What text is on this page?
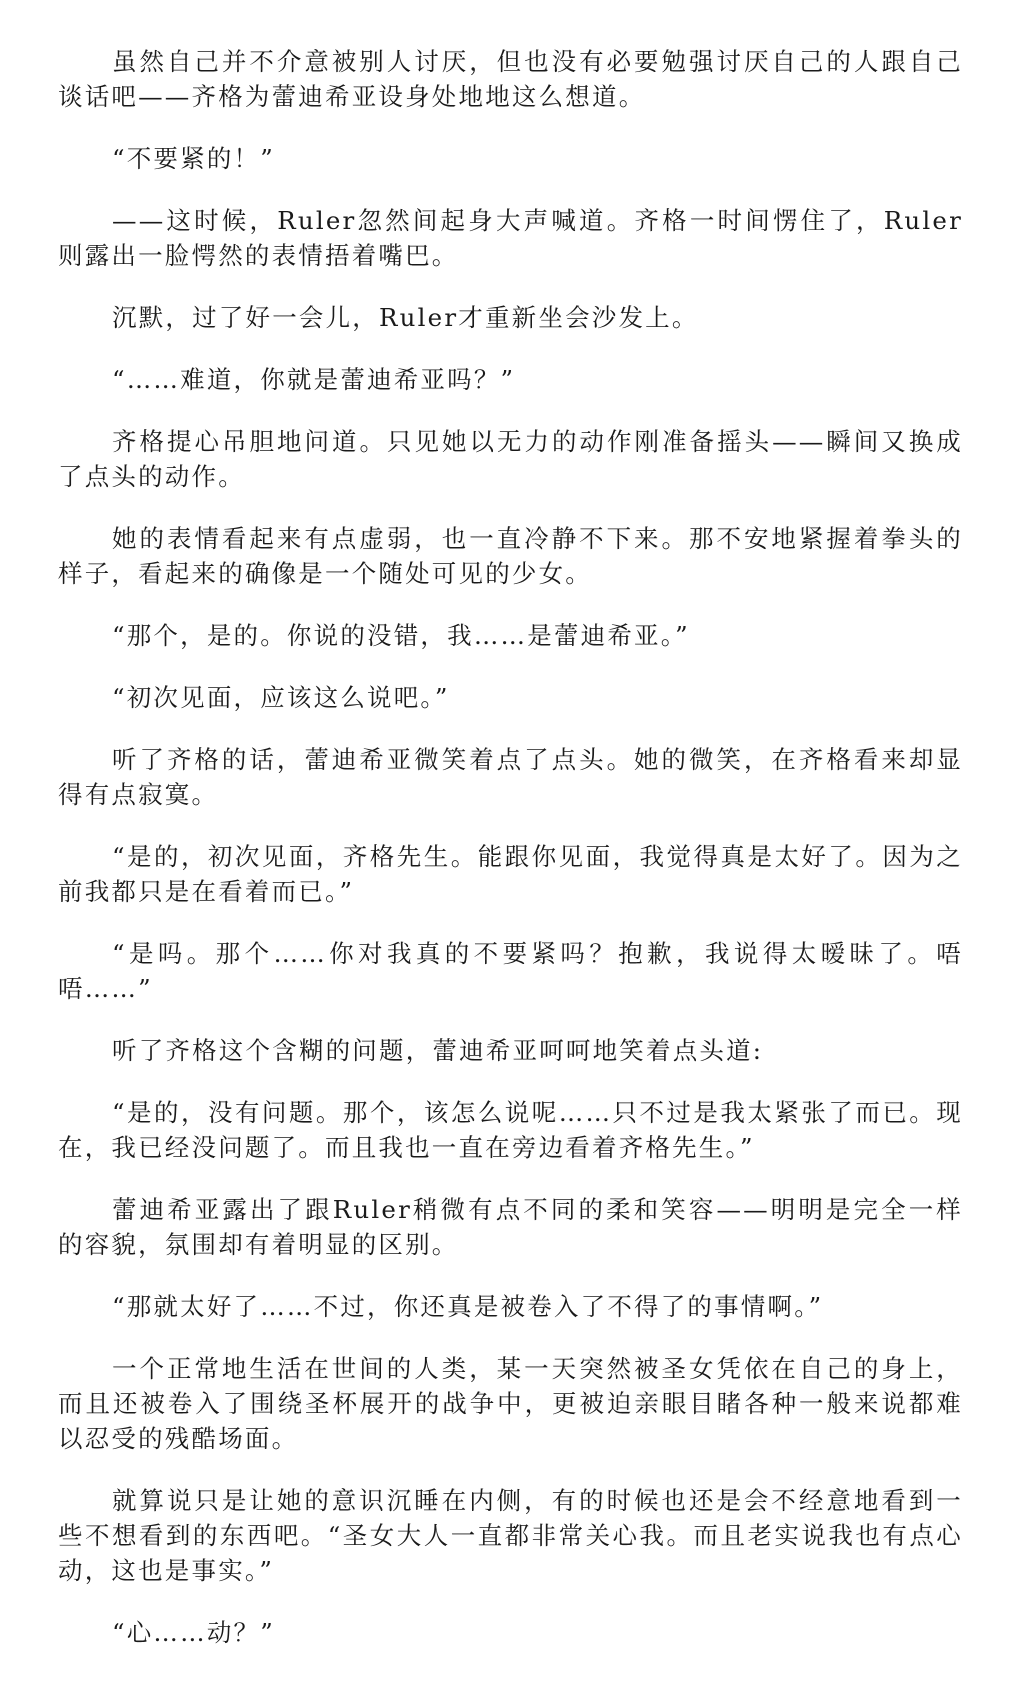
虽然自己并不介意被别人讨厌，但也没有必要勉强讨厌自己的人跟自己谈话吧——齐格为蕾迪希亚设身处地地这么想道。

“不要紧的！”

——这时候，Ruler忽然间起身大声喊道。齐格一时间愣住了，Ruler则露出一脸愕然的表情捂着嘴巴。

沉默，过了好一会儿，Ruler才重新坐会沙发上。

“……难道，你就是蕾迪希亚吗？”

齐格提心吊胆地问道。只见她以无力的动作刚准备摇头——瞬间又换成了点头的动作。

她的表情看起来有点虚弱，也一直冷静不下来。那不安地紧握着拳头的样子，看起来的确像是一个随处可见的少女。

“那个，是的。你说的没错，我……是蕾迪希亚。”

“初次见面，应该这么说吧。”

听了齐格的话，蕾迪希亚微笑着点了点头。她的微笑，在齐格看来却显得有点寂寞。

“是的，初次见面，齐格先生。能跟你见面，我觉得真是太好了。因为之前我都只是在看着而已。”

“是吗。那个……你对我真的不要紧吗？抱歉，我说得太暧昧了。唔唔……”

听了齐格这个含糊的问题，蕾迪希亚呵呵地笑着点头道:

“是的，没有问题。那个，该怎么说呢……只不过是我太紧张了而已。现在，我已经没问题了。而且我也一直在旁边看着齐格先生。”

蕾迪希亚露出了跟Ruler稍微有点不同的柔和笑容——明明是完全一样的容貌，氛围却有着明显的区别。

“那就太好了……不过，你还真是被卷入了不得了的事情啊。”

一个正常地生活在世间的人类，某一天突然被圣女凭依在自己的身上，而且还被卷入了围绕圣杯展开的战争中，更被迫亲眼目睹各种一般来说都难以忍受的残酷场面。

就算说只是让她的意识沉睡在内侧，有的时候也还是会不经意地看到一些不想看到的东西吧。“圣女大人一直都非常关心我。而且老实说我也有点心动，这也是事实。”

“心……动？”
